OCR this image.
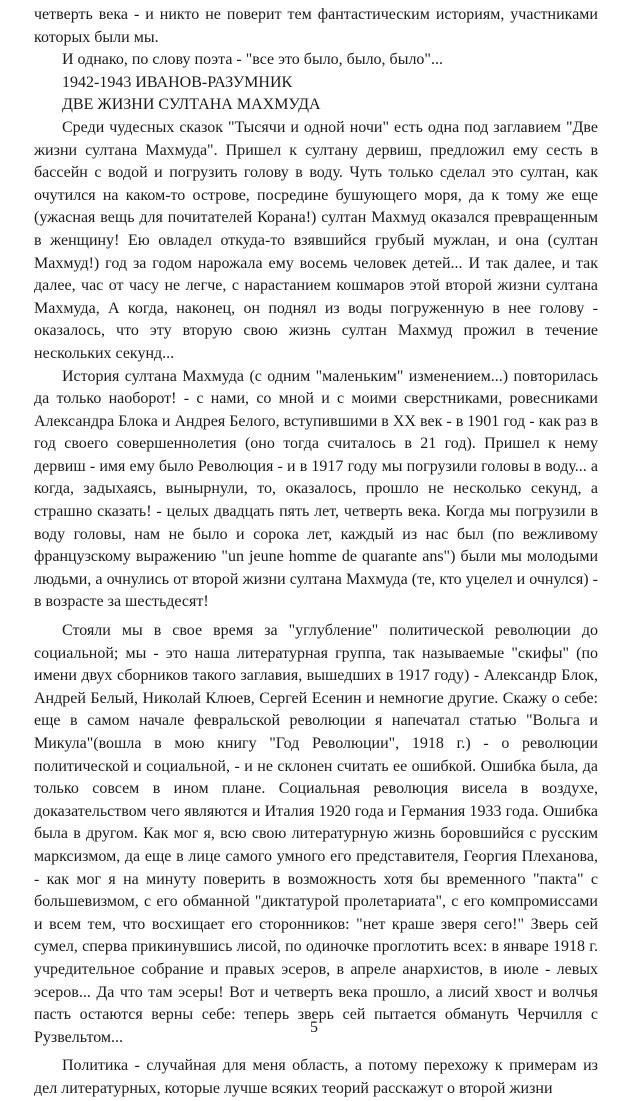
четверть века - и никто не поверит тем фантастическим историям, участниками которых были мы.

И однако, по слову поэта - "все это было, было, было"...

1942-1943 ИВАНОВ-РАЗУМНИК

ДВЕ ЖИЗНИ СУЛТАНА МАХМУДА

Среди чудесных сказок "Тысячи и одной ночи" есть одна под заглавием "Две жизни султана Махмуда". Пришел к султану дервиш, предложил ему сесть в бассейн с водой и погрузить голову в воду. Чуть только сделал это султан, как очутился на каком-то острове, посредине бушующего моря, да к тому же еще (ужасная вещь для почитателей Корана!) султан Махмуд оказался превращенным в женщину! Ею овладел откуда-то взявшийся грубый мужлан, и она (султан Махмуд!) год за годом нарожала ему восемь человек детей... И так далее, и так далее, час от часу не легче, с нарастанием кошмаров этой второй жизни султана Махмуда, А когда, наконец, он поднял из воды погруженную в нее голову - оказалось, что эту вторую свою жизнь султан Махмуд прожил в течение нескольких секунд...

История султана Махмуда (с одним "маленьким" изменением...) повторилась да только наоборот! - с нами, со мной и с моими сверстниками, ровесниками Александра Блока и Андрея Белого, вступившими в XX век - в 1901 год - как раз в год своего совершеннолетия (оно тогда считалось в 21 год). Пришел к нему дервиш - имя ему было Революция - и в 1917 году мы погрузили головы в воду... а когда, задыхаясь, вынырнули, то, оказалось, прошло не несколько секунд, а страшно сказать! - целых двадцать пять лет, четверть века. Когда мы погрузили в воду головы, нам не было и сорока лет, каждый из нас был (по вежливому французскому выражению "un jeune homme de quarante ans") были мы молодыми людьми, а очнулись от второй жизни султана Махмуда (те, кто уцелел и очнулся) - в возрасте за шестьдесят!

Стояли мы в свое время за "углубление" политической революции до социальной; мы - это наша литературная группа, так называемые "скифы" (по имени двух сборников такого заглавия, вышедших в 1917 году) - Александр Блок, Андрей Белый, Николай Клюев, Сергей Есенин и немногие другие. Скажу о себе: еще в самом начале февральской революции я напечатал статью "Вольга и Микула"(вошла в мою книгу "Год Революции", 1918 г.) - о революции политической и социальной, - и не склонен считать ее ошибкой. Ошибка была, да только совсем в ином плане. Социальная революция висела в воздухе, доказательством чего являются и Италия 1920 года и Германия 1933 года. Ошибка была в другом. Как мог я, всю свою литературную жизнь боровшийся с русским марксизмом, да еще в лице самого умного его представителя, Георгия Плеханова, - как мог я на минуту поверить в возможность хотя бы временного "пакта" с большевизмом, с его обманной "диктатурой пролетариата", с его компромиссами и всем тем, что восхищает его сторонников: "нет краше зверя сего!" Зверь сей сумел, сперва прикинувшись лисой, по одиночке проглотить всех: в январе 1918 г. учредительное собрание и правых эсеров, в апреле анархистов, в июле - левых эсеров... Да что там эсеры! Вот и четверть века прошло, а лисий хвост и волчья пасть остаются верны себе: теперь зверь сей пытается обмануть Черчилля с Рузвельтом...

Политика - случайная для меня область, а потому перехожу к примерам из дел литературных, которые лучше всяких теорий расскажут о второй жизни

5
